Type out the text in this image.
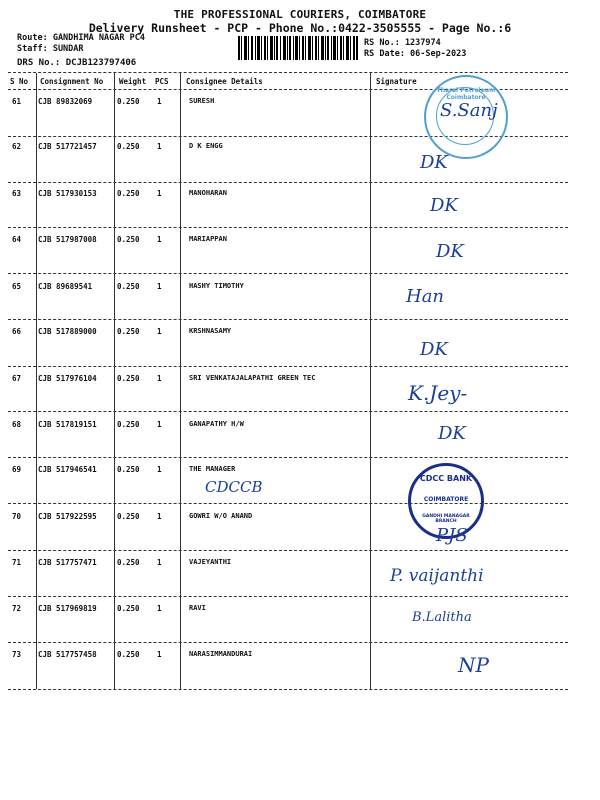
THE PROFESSIONAL COURIERS, COIMBATORE
Delivery Runsheet - PCP - Phone No.:0422-3505555 - Page No.:6
Route: GANDHIMA NAGAR PC4
Staff: SUNDAR
DRS No.: DCJB123797406
RS No.: 1237974
RS Date: 06-Sep-2023
S No Consignment No Weight PCS Consignee Details	Signature
61 CJB 89832069	0.250 1	SURESH
62 CJB 517721457	0.250 1	D K ENGG
63 CJB 517930153	0.250 1	MANOHARAN
64 CJB 517987008	0.250 1	MARIAPPAN
65 CJB 89689541	0.250 1	HASHY TIMOTHY
66 CJB 517889000	0.250 1	KRSHNASAMY
67 CJB 517976104	0.250 1	SRI VENKATAJALAPATHI GREEN TEC
68 CJB 517819151	0.250 1	GANAPATHY H/W
69 CJB 517946541	0.250 1	THE MANAGER
70 CJB 517922595	0.250 1	GOWRI W/O ANAND
71 CJB 517757471	0.250 1	VAJEYANTHI
72 CJB 517969819	0.250 1	RAVI
73 CJB 517757458	0.250 1	NARASIMMANDURAI
Tharai Petroleum Coimbatore
CDCC BANK
COIMBATORE
GANDHI MANAGAR BRANCH
S.Sanj
DK
DK
DK
Han
DK
K.Jey-
DK
CDCCB
PJS
P. vaijanthi
B.Lalitha
NP
